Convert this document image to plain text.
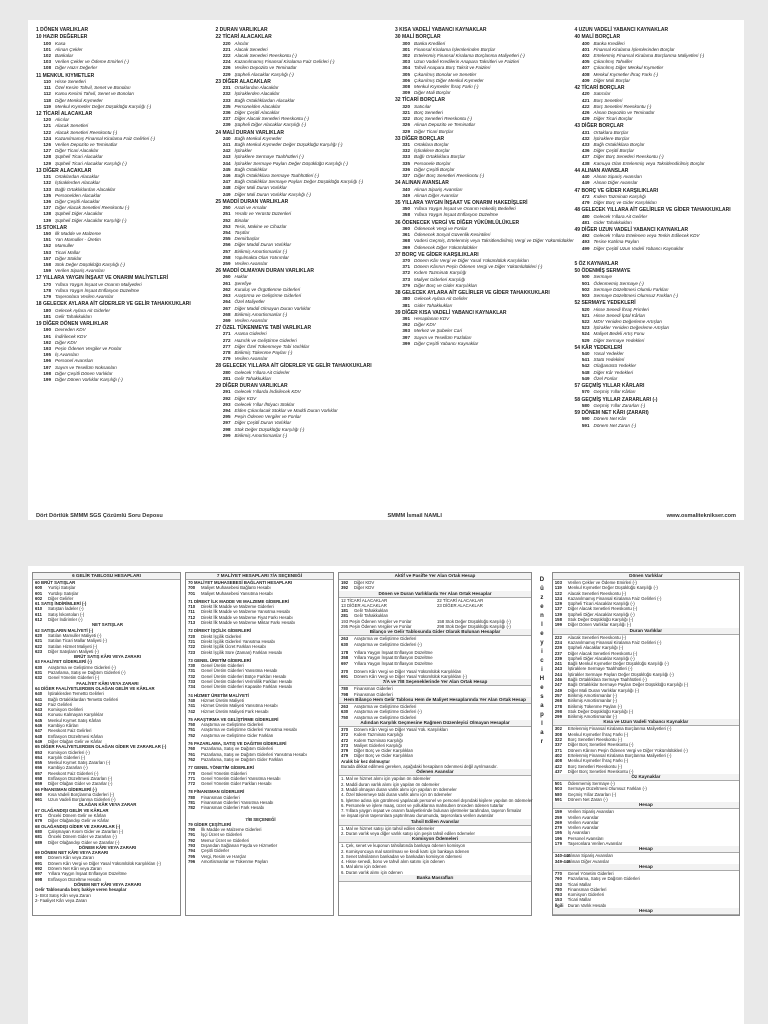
1 DÖNEN VARLIKLAR
10 HAZIR DEĞERLER
100 Kasa
101 Alınan Çekler
102 Bankalar
103 Verilen Çekler ve Ödeme Emirleri (-)
108 Diğer Hazır Değerler
11 MENKUL KIYMETLER
110 Hisse Senetleri
111 Özel Kesim Tahvil, Senet ve Bonoları
112 Kamu Kesimi Tahvil, Senet ve Bonoları
118 Diğer Menkul Kıymetler
119 Menkul Kıymetler Değer Düşüklüğü Karşılığı (-)
12 TİCARİ ALACAKLAR
120 Alıcılar
121 Alacak Senetleri
122 Alacak Senetleri Reeskontu (-)
124 Kazanılmamış Finansal Kiralama Faiz Gelirleri (-)
126 Verilen Depozito ve Teminatlar
127 Diğer Ticari Alacaklar
128 Şüpheli Ticari Alacaklar
129 Şüpheli Ticari Alacaklar Karşılığı (-)
13 DİĞER ALACAKLAR
131 Ortaklardan Alacaklar
132 İştiraklerden Alacaklar
133 Bağlı Ortaklıklardan Alacaklar
135 Personelden Alacaklar
136 Diğer Çeşitli Alacaklar
137 Diğer Alacak Senetleri Reeskontu (-)
138 Şüpheli Diğer Alacaklar
139 Şüpheli Diğer Alacaklar Karşılığı (-)
15 STOKLAR
150 İlk Madde ve Malzeme
151 Yarı Mamuller - Üretim
152 Mamuller
153 Ticari Mallar
157 Diğer Stoklar
158 Stok Değer Düşüklüğü Karşılığı (-)
159 Verilen Sipariş Avansları
17 YILLARA YAYGIN İNŞAAT VE ONARIM MALİYETLERİ
170 Yıllara Yaygın İnşaat ve Onarım Maliyetleri
178 Yıllara Yaygın İnşaat Enflasyon Düzeltme
179 Taşeronlara Verilen Avanslar
18 GELECEK AYLARA AİT GİDERLER VE GELİR TAHAKKUKLARI
180 Gelecek Aylara Ait Giderler
181 Gelir Tahakkukları
19 DİĞER DÖNEN VARLIKLAR
190 Devreden KDV
191 İndirilecek KDV
192 Diğer KDV
193 Peşin Ödenen Vergiler ve Fonlar
195 İş Avansları
196 Personel Avansları
197 Sayım ve Tesellüm Noksanları
198 Diğer Çeşitli Dönen Varlıklar
199 Diğer Dönen Varlıklar Karşılığı (-)
2 DURAN VARLIKLAR
22 TİCARİ ALACAKLAR
220 Alıcılar
221 Alacak Senetleri
222 Alacak Senetleri Reeskontu (-)
224 Kazanılmamış Finansal Kiralama Faiz Gelirleri (-)
226 Verilen Depozito ve Teminatlar
229 Şüpheli Alacaklar Karşılığı (-)
23 DİĞER ALACAKLAR
231 Ortaklardan Alacaklar
232 İştiraklerden Alacaklar
233 Bağlı Ortaklıklardan Alacaklar
235 Personelden Alacaklar
236 Diğer Çeşitli Alacaklar
237 Diğer Alacak Senetleri Reeskontu (-)
239 Şüpheli Diğer Alacaklar Karşılığı (-)
24 MALİ DURAN VARLIKLAR
240 Bağlı Menkul Kıymetler
241 Bağlı Menkul Kıymetler Değer Düşüklüğü Karşılığı (-)
242 İştirakler
243 İştiraklere Sermaye Taahhütleri (-)
244 İştirakler Sermaye Payları Değer Düşüklüğü Karşılığı (-)
245 Bağlı Ortaklıklar
246 Bağlı Ortaklıklara Sermaye Taahhütleri (-)
247 Bağlı Ortaklıklar Sermaye Payları Değer Düşüklüğü Karşılığı (-)
248 Diğer Mali Duran Varlıklar
249 Diğer Mali Duran Varlıklar Karşılığı (-)
25 MADDİ DURAN VARLIKLAR
250 Arazi ve Arsalar
251 Yeraltı ve Yerüstü Düzenleri
252 Binalar
253 Tesis, Makine ve Cihazlar
254 Taşıtlar
255 Demirbaşlar
256 Diğer Maddi Duran Varlıklar
257 Birikmiş Amortismanlar (-)
258 Yapılmakta Olan Yatırımlar
259 Verilen Avanslar
26 MADDİ OLMAYAN DURAN VARLIKLAR
260 Haklar
261 Şerefiye
262 Kuruluş ve Örgütlenme Giderleri
263 Araştırma ve Geliştirme Giderleri
264 Özel Maliyetler
267 Diğer Maddi Olmayan Duran Varlıklar
268 Birikmiş Amortismanlar (-)
269 Verilen Avanslar
27 ÖZEL TÜKENMEYE TABİ VARLIKLAR
271 Arama Giderleri
272 Hazırlık ve Geliştirme Giderleri
277 Diğer Özel Tükenmeye Tabi Varlıklar
278 Birikmiş Tükenme Payları (-)
279 Verilen Avanslar
28 GELECEK YILLARA AİT GİDERLER VE GELİR TAHAKKUKLARI
280 Gelecek Yıllara Ait Giderler
281 Gelir Tahakkukları
29 DİĞER DURAN VARLIKLAR
291 Gelecek Yıllarda İndirilecek KDV
292 Diğer KDV
293 Gelecek Yıllar İhtiyacı Stoklar
294 Elden Çıkarılacak Stoklar ve Maddi Duran Varlıklar
295 Peşin Ödenen Vergiler ve Fonlar
297 Diğer Çeşitli Duran Varlıklar
298 Stok Değer Düşüklüğü Karşılığı (-)
299 Birikmiş Amortismanlar (-)
3 KISA VADELİ YABANCI KAYNAKLAR
30 MALİ BORÇLAR
300 Banka Kredileri
301 Finansal Kiralama İşlemlerinden Borçlar
302 Ertelenmiş Finansal Kiralama Borçlanma Maliyetleri (-)
303 Uzun Vadeli Kredilerin Anapara Taksitleri ve Faizleri
304 Tahvil Anapara Borç Taksit ve Faizleri
305 Çıkarılmış Bonolar ve Senetler
306 Çıkarılmış Diğer Menkul Kıymetler
308 Menkul Kıymetler İhraç Farkı (-)
309 Diğer Mali Borçlar
32 TİCARİ BORÇLAR
320 Satıcılar
321 Borç Senetleri
322 Borç Senetleri Reeskontu (-)
326 Alınan Depozito ve Teminatlar
329 Diğer Ticari Borçlar
33 DİĞER BORÇLAR
331 Ortaklara Borçlar
332 İştiraklere Borçlar
333 Bağlı Ortaklıklara Borçlar
335 Personele Borçlar
336 Diğer Çeşitli Borçlar
337 Diğer Borç Senetleri Reeskontu (-)
34 ALINAN AVANSLAR
340 Alınan Sipariş Avansları
349 Alınan Diğer Avanslar
35 YILLARA YAYGIN İNŞAAT VE ONARIM HAKEDİŞLERİ
350 Yıllara Yaygın İnşaat ve Onarım Hakediş Bedelleri
358 Yıllara Yaygın İnşaat Enflasyon Düzeltme
36 ÖDENECEK VERGİ VE DİĞER YÜKÜMLÜLÜKLER
360 Ödenecek Vergi ve Fonlar
361 Ödenecek Sosyal Güvenlik Kesintileri
368 Vadesi Geçmiş, Ertelenmiş veya Taksitlendirilmiş Vergi ve Diğer Yükümlülükler
369 Ödenecek Diğer Yükümlülükler
37 BORÇ VE GİDER KARŞILIKLARI
370 Dönem Kârı Vergi ve Diğer Yasal Yükümlülük Karşılıkları
371 Dönem Kârının Peşin Ödenen Vergi ve Diğer Yükümlülükleri (-)
372 Kıdem Tazminatı Karşılığı
373 Maliyet Giderleri Karşılığı
379 Diğer Borç ve Gider Karşılıkları
38 GELECEK AYLARA AİT GELİRLER VE GİDER TAHAKKUKLARI
380 Gelecek Aylara Ait Gelirler
381 Gider Tahakkukları
39 DİĞER KISA VADELİ YABANCI KAYNAKLAR
391 Hesaplanan KDV
392 Diğer KDV
393 Merkez ve Şubeler Cari
397 Sayım ve Tesellüm Fazlaları
399 Diğer Çeşitli Yabancı Kaynaklar
4 UZUN VADELİ YABANCI KAYNAKLAR
40 MALİ BORÇLAR
400 Banka Kredileri
401 Finansal Kiralama İşlemlerinden Borçlar
402 Ertelenmiş Finansal Kiralama Borçlanma Maliyetleri (-)
405 Çıkarılmış Tahviller
407 Çıkarılmış Diğer Menkul Kıymetler
408 Menkul Kıymetler İhraç Farkı (-)
409 Diğer Mali Borçlar
42 TİCARİ BORÇLAR
420 Satıcılar
421 Borç Senetleri
422 Borç Senetleri Reeskontu (-)
426 Alınan Depozito ve Teminatlar
429 Diğer Ticari Borçlar
43 DİĞER BORÇLAR
431 Ortaklara Borçlar
432 İştiraklere Borçlar
433 Bağlı Ortaklıklara Borçlar
436 Diğer Çeşitli Borçlar
437 Diğer Borç Senetleri Reeskontu (-)
438 Kamuya Olan Ertelenmiş veya Taksitlendirilmiş Borçlar
44 ALINAN AVANSLAR
440 Alınan Sipariş Avansları
449 Alınan Diğer Avanslar
47 BORÇ VE GİDER KARŞILIKLARI
472 Kıdem Tazminatı Karşılığı
479 Diğer Borç ve Gider Karşılıkları
48 GELECEK YILLARA AİT GELİRLER VE GİDER TAHAKKUKLARI
480 Gelecek Yıllara Ait Gelirler
481 Gider Tahakkukları
49 DİĞER UZUN VADELİ YABANCI KAYNAKLAR
492 Gelecek Yıllara Ertelenen veya Terkin Edilecek KDV
493 Tesise Katılma Payları
499 Diğer Çeşitli Uzun Vadeli Yabancı Kaynaklar
5 ÖZ KAYNAKLAR
50 ÖDENMİŞ SERMAYE
500 Sermaye
501 Ödenmemiş Sermaye (-)
502 Sermaye Düzeltmesi Olumlu Farkları
503 Sermaye Düzeltmesi Olumsuz Farkları (-)
52 SERMAYE YEDEKLERİ
520 Hisse Senedi İhraç Primleri
521 Hisse Senedi İptal Kârları
522 MDV Yeniden Değerleme Artışları
523 İştirakler Yeniden Değerleme Artışları
524 Maliyet Bedeli Artış Fonu
529 Diğer Sermaye Yedekleri
54 KÂR YEDEKLERİ
540 Yasal Yedekler
541 Statü Yedekleri
542 Olağanüstü Yedekler
548 Diğer Kâr Yedekleri
549 Özel Fonlar
57 GEÇMİŞ YILLAR KÂRLARI
570 Geçmiş Yıllar Kârları
58 GEÇMİŞ YILLAR ZARARLARI (-)
580 Geçmiş Yıllar Zararları (-)
59 DÖNEM NET KÂRI (ZARARI)
590 Dönem Net Kârı
591 Dönem Net Zararı (-)
Dört Dörtlük SMMM SGS Çözümlü Soru Deposu	SMMM İsmail NAMLI	www.osmaliteknikser.com
6 GELİR TABLOSU HESAPLARI
60 BRÜT SATIŞLAR
600 Yurtiçi Satışlar
601 Yurtdışı Satışlar
602 Diğer Gelirler
61 SATIŞ İNDİRİMLERİ (-)
610 Satıştan İadeler (-)
611 Satış İskontoları (-)
612 Diğer İndirimler (-)
NET SATIŞLAR
62 SATIŞLARIN MALİYETİ (-)
620 Satılan Mamuller Maliyeti (-)
621 Satılan Ticari Mallar Maliyeti (-)
622 Satılan Hizmet Maliyeti (-)
623 Diğer Satışların Maliyeti (-)
BRÜT SATIŞ KÂRI VEYA ZARARI
63 FAALİYET GİDERLERİ (-)
630 Araştırma ve Geliştirme Giderleri (-)
631 Pazarlama, Satış ve Dağıtım Giderleri (-)
632 Genel Yönetim Giderleri (-)
FAALİYET KÂRI VEYA ZARARI
64 DİĞER FAALİYETLERDEN OLAĞAN GELİR VE KÂRLAR
640 İştiraklerden Temettü Gelirleri
641 Bağlı Ortaklıklardan Temettü Gelirleri
642 Faiz Gelirleri
643 Komisyon Gelirleri
644 Konusu Kalmayan Karşılıklar
645 Menkul Kıymet Satış Kârları
646 Kambiyo Kârları
647 Reeskont Faiz Gelirleri
648 Enflasyon Düzeltmesi Kârları
649 Diğer Olağan Gelir ve Kârlar
65 DİĞER FAALİYETLERDEN OLAĞAN GİDER VE ZARARLAR (-)
653 Komisyon Giderleri (-)
654 Karşılık Giderleri (-)
655 Menkul Kıymet Satış Zararları (-)
656 Kambiyo Zararları (-)
657 Reeskont Faiz Giderleri (-)
658 Enflasyon Düzeltmesi Zararları (-)
659 Diğer Olağan Gider ve Zararlar (-)
66 FİNANSMAN GİDERLERİ (-)
660 Kısa Vadeli Borçlanma Giderleri (-)
661 Uzun Vadeli Borçlanma Giderleri (-)
OLAĞAN KÂR VEYA ZARAR
67 OLAĞANDIŞI GELİR VE KÂRLAR
671 Önceki Dönem Gelir ve Kârları
679 Diğer Olağandışı Gelir ve Kârlar
68 OLAĞANDIŞI GİDER VE ZARARLAR (-)
680 Çalışmayan Kısım Gider ve Zararları (-)
681 Önceki Dönem Gider ve Zararları (-)
689 Diğer Olağandışı Gider ve Zararlar (-)
DÖNEM KÂRI VEYA ZARARI
69 DÖNEM NET KÂRI VEYA ZARARI
690 Dönem Kârı veya Zararı
691 Dönem Kârı Vergi ve Diğer Yasal Yükümlülük Karşılıkları (-)
692 Dönem Net Kârı veya Zararı
697 Yıllara Yaygın İnşaat Enflasyon Düzeltme
698 Enflasyon Düzeltme Hesabı
DÖNEM NET KÂRI VEYA ZARARI
Gelir Tablosunda borç bakiye veren hesaplar
1- Brüt Satış Kârı veya Zararı
2- Faaliyet Kârı veya Zararı
7 MALİYET HESAPLARI 7/A SEÇENEĞİ
70 MALİYET MUHASEBESİ BAĞLANTI HESAPLARI
700 Maliyet Muhasebesi Bağlantı Hesabı
701 Maliyet Muhasebesi Yansıtma Hesabı
71 DİREKT İLK MADDE VE MALZEME GİDERLERİ
710 Direkt İlk Madde ve Malzeme Giderleri
711 Direkt İlk Madde ve Malzeme Yansıtma Hesabı
712 Direkt İlk Madde ve Malzeme Fiyat Farkı Hesabı
713 Direkt İlk Madde ve Malzeme Miktar Farkı Hesabı
72 DİREKT İŞÇİLİK GİDERLERİ
720 Direkt İşçilik Giderleri
721 Direkt İşçilik Giderleri Yansıtma Hesabı
722 Direkt İşçilik Ücret Farkları Hesabı
723 Direkt İşçilik Süre (Zaman) Farkları Hesabı
73 GENEL ÜRETİM GİDERLERİ
730 Genel Üretim Giderleri
731 Genel Üretim Giderleri Yansıtma Hesabı
732 Genel Üretim Giderleri Bütçe Farkları Hesabı
733 Genel Üretim Giderleri Verimlilik Farkları Hesabı
734 Genel Üretim Giderleri Kapasite Farkları Hesabı
74 HİZMET ÜRETİM MALİYETİ
740 Hizmet Üretim Maliyeti
741 Hizmet Üretim Maliyeti Yansıtma Hesabı
742 Hizmet Üretim Maliyeti Fark Hesabı
75 ARAŞTIRMA VE GELİŞTİRME GİDERLERİ
750 Araştırma ve Geliştirme Giderleri
751 Araştırma ve Geliştirme Giderleri Yansıtma Hesabı
752 Araştırma ve Geliştirme Gider Farkları
76 PAZARLAMA, SATIŞ VE DAĞITIM GİDERLERİ
760 Pazarlama, Satış ve Dağıtım Giderleri
761 Pazarlama, Satış ve Dağıtım Giderleri Yansıtma Hesabı
762 Pazarlama, Satış ve Dağıtım Gider Farkları
77 GENEL YÖNETİM GİDERLERİ
770 Genel Yönetim Giderleri
771 Genel Yönetim Giderleri Yansıtma Hesabı
772 Genel Yönetim Gider Farkları Hesabı
78 FİNANSMAN GİDERLERİ
780 Finansman Giderleri
781 Finansman Giderleri Yansıtma Hesabı
782 Finansman Giderleri Fark Hesabı
7/B SEÇENEĞİ
79 GİDER ÇEŞİTLERİ
790 İlk Madde ve Malzeme Giderleri
791 İşçi Ücret ve Giderleri
792 Memur Ücret ve Giderleri
793 Dışarıdan Sağlanan Fayda ve Hizmetler
794 Çeşitli Giderler
795 Vergi, Resim ve Harçlar
796 Amortismanlar ve Tükenme Payları
Aktif ve Pasifte Yer Alan Ortak Hesap
192 Diğer KDV
392 Diğer KDV
Dönen ve Duran Varlıklarda Yer Alan Ortak Hesaplar
12 TİCARİ ALACAKLAR	22 TİCARİ ALACAKLAR
13 DİĞER ALACAKLAR	23 DİĞER ALACAKLAR
181 Gelir Tahakkukları
281 Gelir Tahakkukları
193 Peşin Ödenen Vergiler ve Fonlar	158 Stok Değer Düşüklüğü Karşılığı (-)
295 Peşin Ödenen Vergiler ve Fonlar	298 Stok Değer Düşüklüğü Karşılığı (-)
Bilanço ve Gelir Tablosunda Gider Olarak Bulunan Hesaplar
263 Araştırma ve Geliştirme Giderleri
630 Araştırma ve Geliştirme Giderleri (-)
178 Yıllara Yaygın İnşaat Enflasyon Düzeltme
358 Yıllara Yaygın İnşaat Enflasyon Düzeltme
697 Yıllara Yaygın İnşaat Enflasyon Düzeltme
370 Dönem Kârı Vergi ve Diğer Yasal Yükümlülük Karşılıkları
691 Dönem Kârı Vergi ve Diğer Yasal Yükümlülük Karşılıkları (-)
7/A ve 7/B Seçeneklerinde Yer Alan Ortak Hesap
780 Finansman Giderleri
798 Finansman Giderleri
Hem Bilanço Hem Gelir Tablosu Hem de Maliyet Hesaplarında Yer Alan Ortak Hesap
263 Araştırma ve Geliştirme Giderleri
630 Araştırma ve Geliştirme Giderleri (-)
750 Araştırma ve Geliştirme Giderleri
Adından Karşılık Geçmesine Rağmen Düzenleyici Olmayan Hesaplar
370 Dönem Kârı Vergi ve Diğer Yasal Yük. Karşılıkları
372 Kıdem Tazminatı Karşılığı
472 Kıdem Tazminatı Karşılığı
373 Maliyet Giderleri Karşılığı
379 Diğer Borç ve Gider Karşılıkları
479 Diğer Borç ve Gider Karşılıkları
Aralık bir kez dolmuştur
Burada dikkat edilmesi gereken, aşağıdaki hesapların ödenmesi değil ayrılmasıdır.
Ödenen Avanslar
1. Mal ve hizmet alımı için yapılan ön ödemeler
2. Maddi duran varlık alımı için yapılan ön ödemeler
3. Maddi olmayan duran varlık alımı için yapılan ön ödemeler
4. Özel tükenmeye tabi duran varlık alımı için ön ödemeler
5. İşletme adına işin görülmesi yapılacak personel ve personel dışındaki kişilere yapılan ön ödemeler
6. Personele ve işlere maaş, ücret ve yolluklarına mahsuben önceden ödenen tutarlar
7. Yıllara yaygın inşaat ve onarım faaliyetlerinde bulunan işletmeler tarafından, taşeron firmalar
ve inşaat işinin taşeronlara yaptırılması durumunda, taşeronlara verilen avanslar
Tahsil Edilen Avanslar
1. Mal ve hizmet satışı için tahsil edilen ödemeler
2. Duran varlık veya diğer varlık satışı için peşin tahsil edilen ödemeler
Komisyon Ödemeleri
1. Çek, senet ve kuponun tahsilatında bankaya ödenen komisyon
2. Komisyoncuya mal satırılması ve kredi kartı için bankaya ödenen
3. Senet tahsilatının bankadan ve bankadan komisyon ödemesi
4. Hisse senedi, bono ve tahvil alım satımı için ödenen
5. Mal alımı için ödenen
6. Duran varlık alımı için ödenen
Banka Masrafları
D
ü
z
e
n
l
e
y
i
c
i
H
e
s
a
p
l
a
r
Dönen Varlıklar
103 Verilen Çekler ve Ödeme Emirleri (-)
119 Menkul Kıymetler Değer Düşüklüğü Karşılığı (-)
122 Alacak Senetleri Reeskontu (-)
124 Kazanılmamış Finansal Kiralama Faiz Gelirleri (-)
129 Şüpheli Ticari Alacaklar Karşılığı (-)
137 Diğer Alacak Senetleri Reeskontu (-)
139 Şüpheli Diğer Alacaklar Karşılığı (-)
158 Stok Değer Düşüklüğü Karşılığı (-)
199 Diğer Dönen Varlıklar Karşılığı (-)
Duran Varlıklar
222 Alacak Senetleri Reeskontu (-)
224 Kazanılmamış Finansal Kiralama Faiz Gelirleri (-)
229 Şüpheli Alacaklar Karşılığı (-)
237 Diğer Alacak Senetleri Reeskontu (-)
239 Şüpheli Diğer Alacaklar Karşılığı (-)
241 Bağlı Menkul Kıymetler Değer Düşüklüğü Karşılığı (-)
243 İştiraklere Sermaye Taahhütleri (-)
244 İştirakler Sermaye Payları Değer Düşüklüğü Karşılığı (-)
246 Bağlı Ortaklıklara Sermaye Taahhütleri (-)
247 Bağlı Ortaklıklar Sermaye Payları Değer Düşüklüğü Karşılığı (-)
249 Diğer Mali Duran Varlıklar Karşılığı (-)
257 Birikmiş Amortismanlar (-)
268 Birikmiş Amortismanlar (-)
278 Birikmiş Tükenme Payları (-)
298 Stok Değer Düşüklüğü Karşılığı (-)
299 Birikmiş Amortismanlar (-)
Kısa ve Uzun Vadeli Yabancı Kaynaklar
302 Ertelenmiş Finansal Kiralama Borçlanma Maliyetleri (-)
308 Menkul Kıymetler İhraç Farkı (-)
322 Borç Senetleri Reeskontu (-)
337 Diğer Borç Senetleri Reeskontu (-)
371 Dönem Kârının Peşin Ödenen Vergi ve Diğer Yükümlülükleri (-)
402 Ertelenmiş Finansal Kiralama Borçlanma Maliyetleri (-)
408 Menkul Kıymetler İhraç Farkı (-)
422 Borç Senetleri Reeskontu (-)
437 Diğer Borç Senetleri Reeskontu (-)
Öz Kaynaklar
501 Ödenmemiş Sermaye (-)
503 Sermaye Düzeltmesi Olumsuz Farkları (-)
580 Geçmiş Yıllar Zararları (-)
591 Dönem Net Zararı (-)
Hesap
159 Verilen Sipariş Avansları
259 Verilen Avanslar
269 Verilen Avanslar
279 Verilen Avanslar
195 İş Avansları
196 Personel Avansları
179 Taşeronlara Verilen Avanslar
Hesap
340-440Alınan Sipariş Avansları
349-449Alınan Diğer Avanslar
Hesap
770 Genel Yönetim Giderleri
760 Pazarlama, Satış ve Dağıtım Giderleri
153 Ticari Mallar
780 Finansman Giderleri
653 Komisyon Giderleri
153 Ticari Mallar
İlgili Duran Varlık Hesabı
Hesap
